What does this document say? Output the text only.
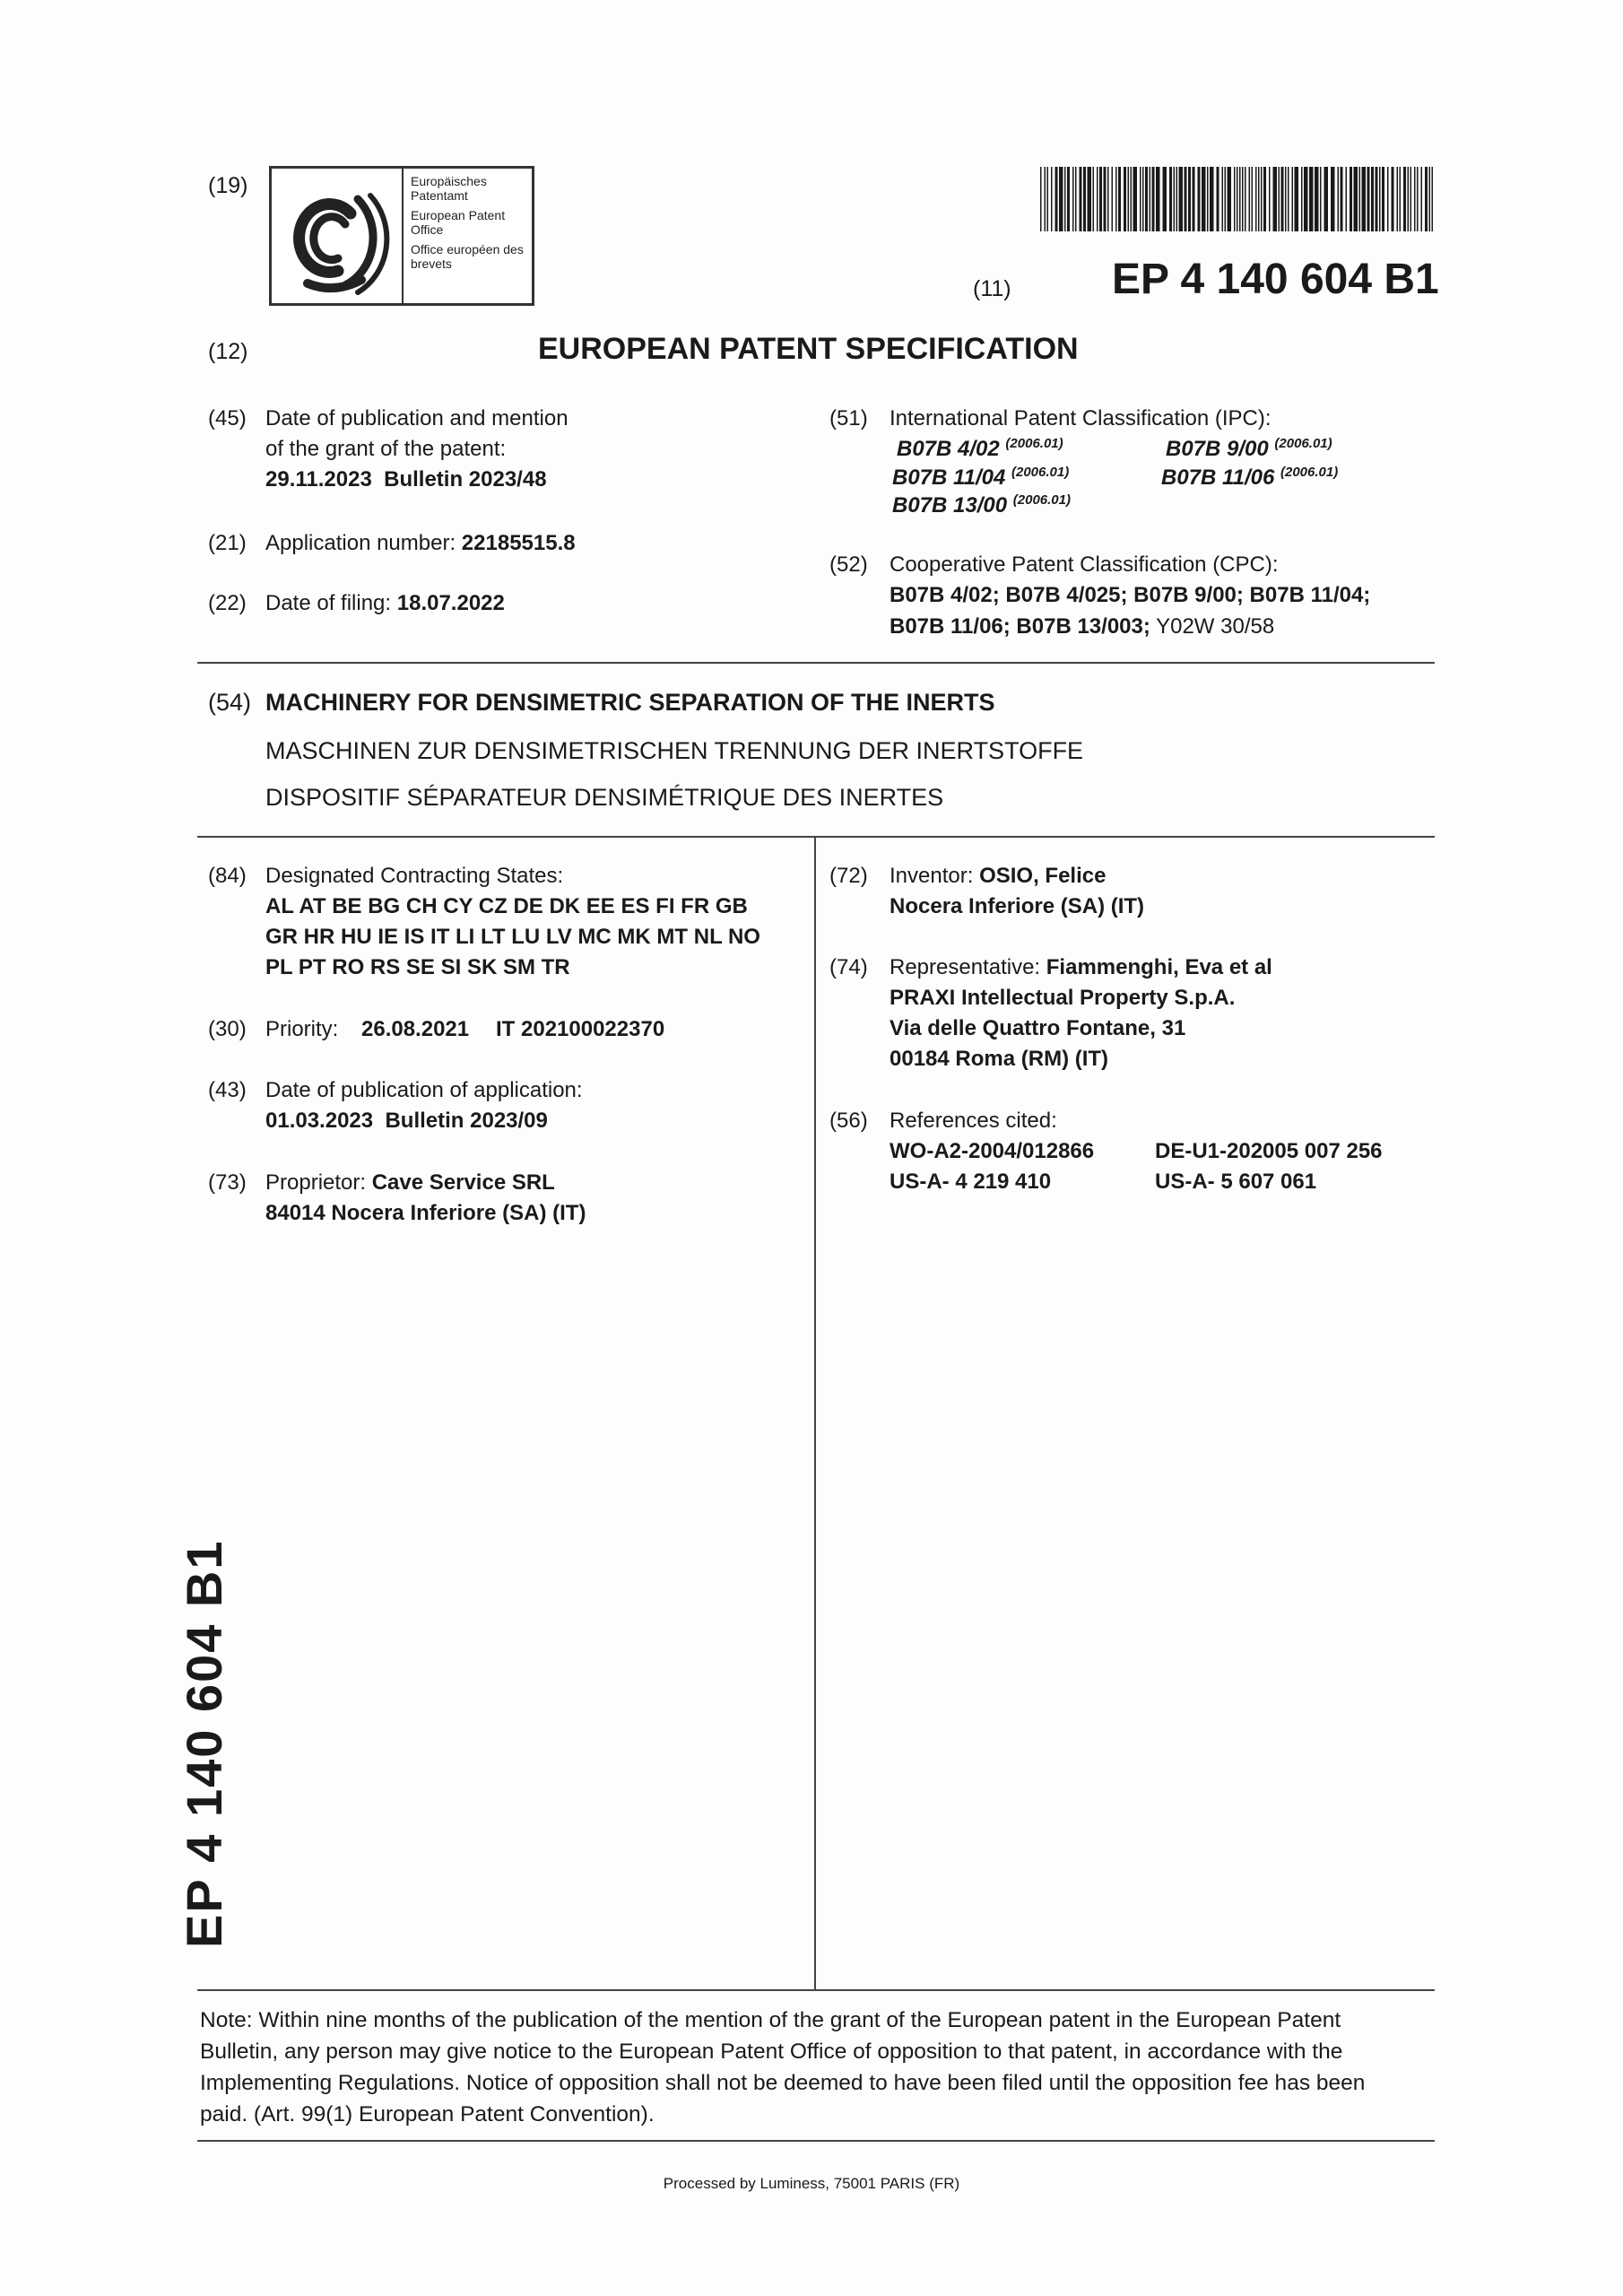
(19)	Europäisches Patentamt
European Patent Office
Office européen des brevets
(11) EP 4 140 604 B1
(12)	EUROPEAN PATENT SPECIFICATION
(45) Date of publication and mention
of the grant of the patent:
29.11.2023  Bulletin 2023/48
(21) Application number: 22185515.8
(22) Date of filing: 18.07.2022
(51) International Patent Classification (IPC):
B07B 4/02 $^{(2006.01)}$	B07B 9/00 $^{(2006.01)}$
B07B 11/04 $^{(2006.01)}$	B07B 11/06 $^{(2006.01)}$
B07B 13/00 $^{(2006.01)}$
(52) Cooperative Patent Classification (CPC):
B07B 4/02; B07B 4/025; B07B 9/00; B07B 11/04;
B07B 11/06; B07B 13/003; Y02W 30/58
(54) MACHINERY FOR DENSIMETRIC SEPARATION OF THE INERTS
MASCHINEN ZUR DENSIMETRISCHEN TRENNUNG DER INERTSTOFFE
DISPOSITIF SÉPARATEUR DENSIMÉTRIQUE DES INERTES
(84) Designated Contracting States:
AL AT BE BG CH CY CZ DE DK EE ES FI FR GB
GR HR HU IE IS IT LI LT LU LV MC MK MT NL NO
PL PT RO RS SE SI SK SM TR
(30) Priority: 26.08.2021 IT 202100022370
(43) Date of publication of application:
01.03.2023  Bulletin 2023/09
(73) Proprietor: Cave Service SRL
84014 Nocera Inferiore (SA) (IT)
(72) Inventor: OSIO, Felice
Nocera Inferiore (SA) (IT)
(74) Representative: Fiammenghi, Eva et al
PRAXI Intellectual Property S.p.A.
Via delle Quattro Fontane, 31
00184 Roma (RM) (IT)
(56) References cited:
WO-A2-2004/012866	DE-U1-202005 007 256
US-A- 4 219 410	US-A- 5 607 061
Note: Within nine months of the publication of the mention of the grant of the European patent in the European Patent
Bulletin, any person may give notice to the European Patent Office of opposition to that patent, in accordance with the
Implementing Regulations. Notice of opposition shall not be deemed to have been filed until the opposition fee has been
paid. (Art. 99(1) European Patent Convention).
Processed by Luminess, 75001 PARIS (FR)
EP 4 140 604 B1
